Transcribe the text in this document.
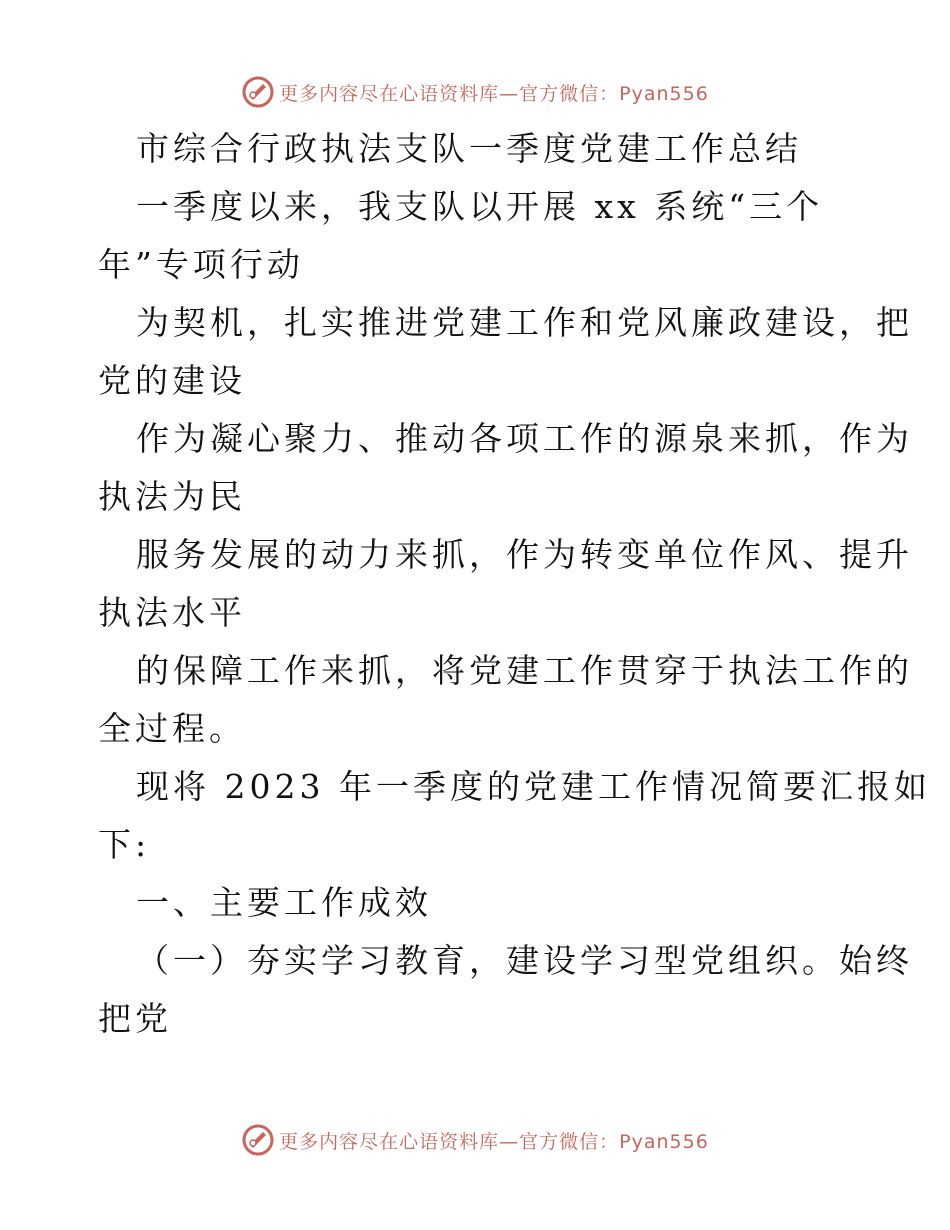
更多内容尽在心语资料库—官方微信：Pyan556
市综合行政执法支队一季度党建工作总结
一季度以来，我支队以开展 xx 系统“三个
年”专项行动
为契机，扎实推进党建工作和党风廉政建设，把
党的建设
作为凝心聚力、推动各项工作的源泉来抓，作为
执法为民
服务发展的动力来抓，作为转变单位作风、提升
执法水平
的保障工作来抓，将党建工作贯穿于执法工作的
全过程。
现将 2023 年一季度的党建工作情况简要汇报如
下:
一、主要工作成效
（一）夯实学习教育，建设学习型党组织。始终
把党
更多内容尽在心语资料库—官方微信：Pyan556
